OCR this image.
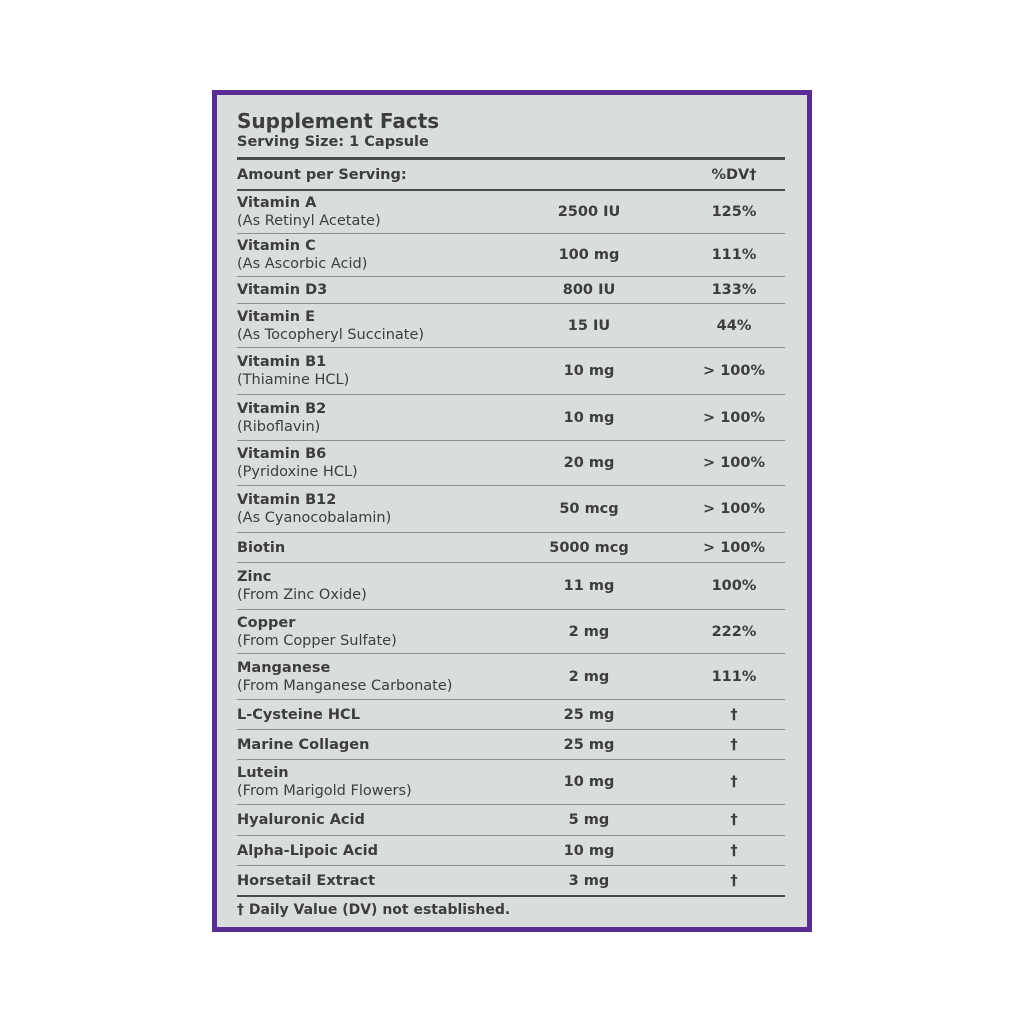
Supplement Facts
Serving Size: 1 Capsule
Amount per Serving:	%DV†
Vitamin A
(As Retinyl Acetate)
2500 IU	125%
Vitamin C
(As Ascorbic Acid)
100 mg	111%
Vitamin D3	800 IU	133%
Vitamin E
(As Tocopheryl Succinate)
15 IU	44%
Vitamin B1
(Thiamine HCL)
10 mg	> 100%
Vitamin B2
(Riboflavin)
10 mg	> 100%
Vitamin B6
(Pyridoxine HCL)
20 mg	> 100%
Vitamin B12
(As Cyanocobalamin)
50 mcg	> 100%
Biotin	5000 mcg	> 100%
Zinc
(From Zinc Oxide)
11 mg	100%
Copper
(From Copper Sulfate)
2 mg	222%
Manganese
(From Manganese Carbonate)
2 mg	111%
L-Cysteine HCL	25 mg	†
Marine Collagen	25 mg	†
Lutein
(From Marigold Flowers)
10 mg	†
Hyaluronic Acid	5 mg	†
Alpha-Lipoic Acid	10 mg	†
Horsetail Extract	3 mg	†
† Daily Value (DV) not established.
